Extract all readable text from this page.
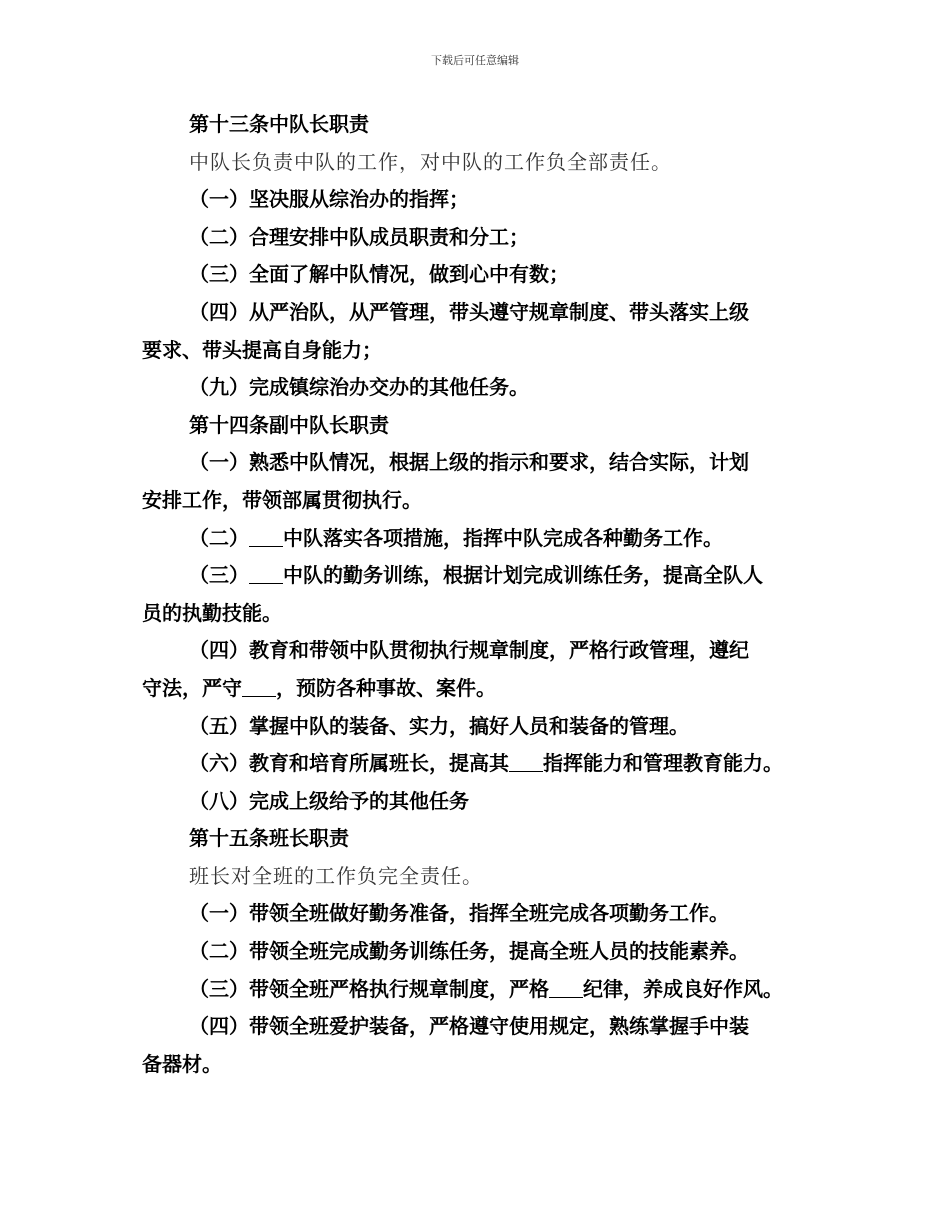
下载后可任意编辑
第十三条中队长职责
中队长负责中队的工作，对中队的工作负全部责任。
（一）坚决服从综治办的指挥；
（二）合理安排中队成员职责和分工；
（三）全面了解中队情况，做到心中有数；
（四）从严治队，从严管理，带头遵守规章制度、带头落实上级
要求、带头提高自身能力；
（九）完成镇综治办交办的其他任务。
第十四条副中队长职责
（一）熟悉中队情况，根据上级的指示和要求，结合实际，计划
安排工作，带领部属贯彻执行。
（二） 中队落实各项措施，指挥中队完成各种勤务工作。
（三） 中队的勤务训练，根据计划完成训练任务，提高全队人
员的执勤技能。
（四）教育和带领中队贯彻执行规章制度，严格行政管理，遵纪
守法，严守 ，预防各种事故、案件。
（五）掌握中队的装备、实力，搞好人员和装备的管理。
（六）教育和培育所属班长，提高其 指挥能力和管理教育能力。
（八）完成上级给予的其他任务
第十五条班长职责
班长对全班的工作负完全责任。
（一）带领全班做好勤务准备，指挥全班完成各项勤务工作。
（二）带领全班完成勤务训练任务，提高全班人员的技能素养。
（三）带领全班严格执行规章制度，严格 纪律，养成良好作风。
（四）带领全班爱护装备，严格遵守使用规定，熟练掌握手中装
备器材。
